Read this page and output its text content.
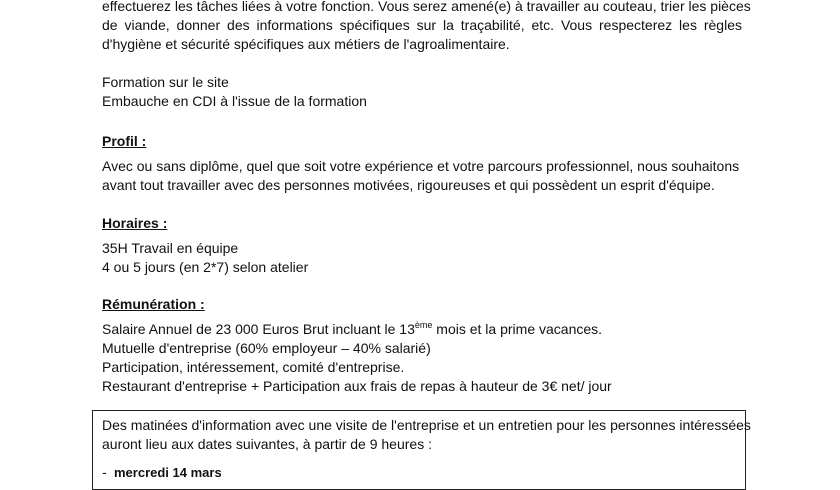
effectuerez les tâches liées à votre fonction. Vous serez amené(e) à travailler au couteau, trier les pièces
de viande, donner des informations spécifiques sur la traçabilité, etc. Vous respecterez les règles
d'hygiène et sécurité spécifiques aux métiers de l'agroalimentaire.

Formation sur le site
Embauche en CDI à l'issue de la formation

Profil :

Avec ou sans diplôme, quel que soit votre expérience et votre parcours professionnel, nous souhaitons
avant tout travailler avec des personnes motivées, rigoureuses et qui possèdent un esprit d'équipe.

Horaires :

35H Travail en équipe
4 ou 5 jours (en 2*7) selon atelier

Rémunération :

Salaire Annuel de 23 000 Euros Brut incluant le 13ème mois et la prime vacances.
Mutuelle d'entreprise (60% employeur – 40% salarié)
Participation, intéressement, comité d'entreprise.
Restaurant d'entreprise + Participation aux frais de repas à hauteur de 3€ net/ jour

Des matinées d'information avec une visite de l'entreprise et un entretien pour les personnes intéressées
auront lieu aux dates suivantes, à partir de 9 heures :

- mercredi 14 mars
